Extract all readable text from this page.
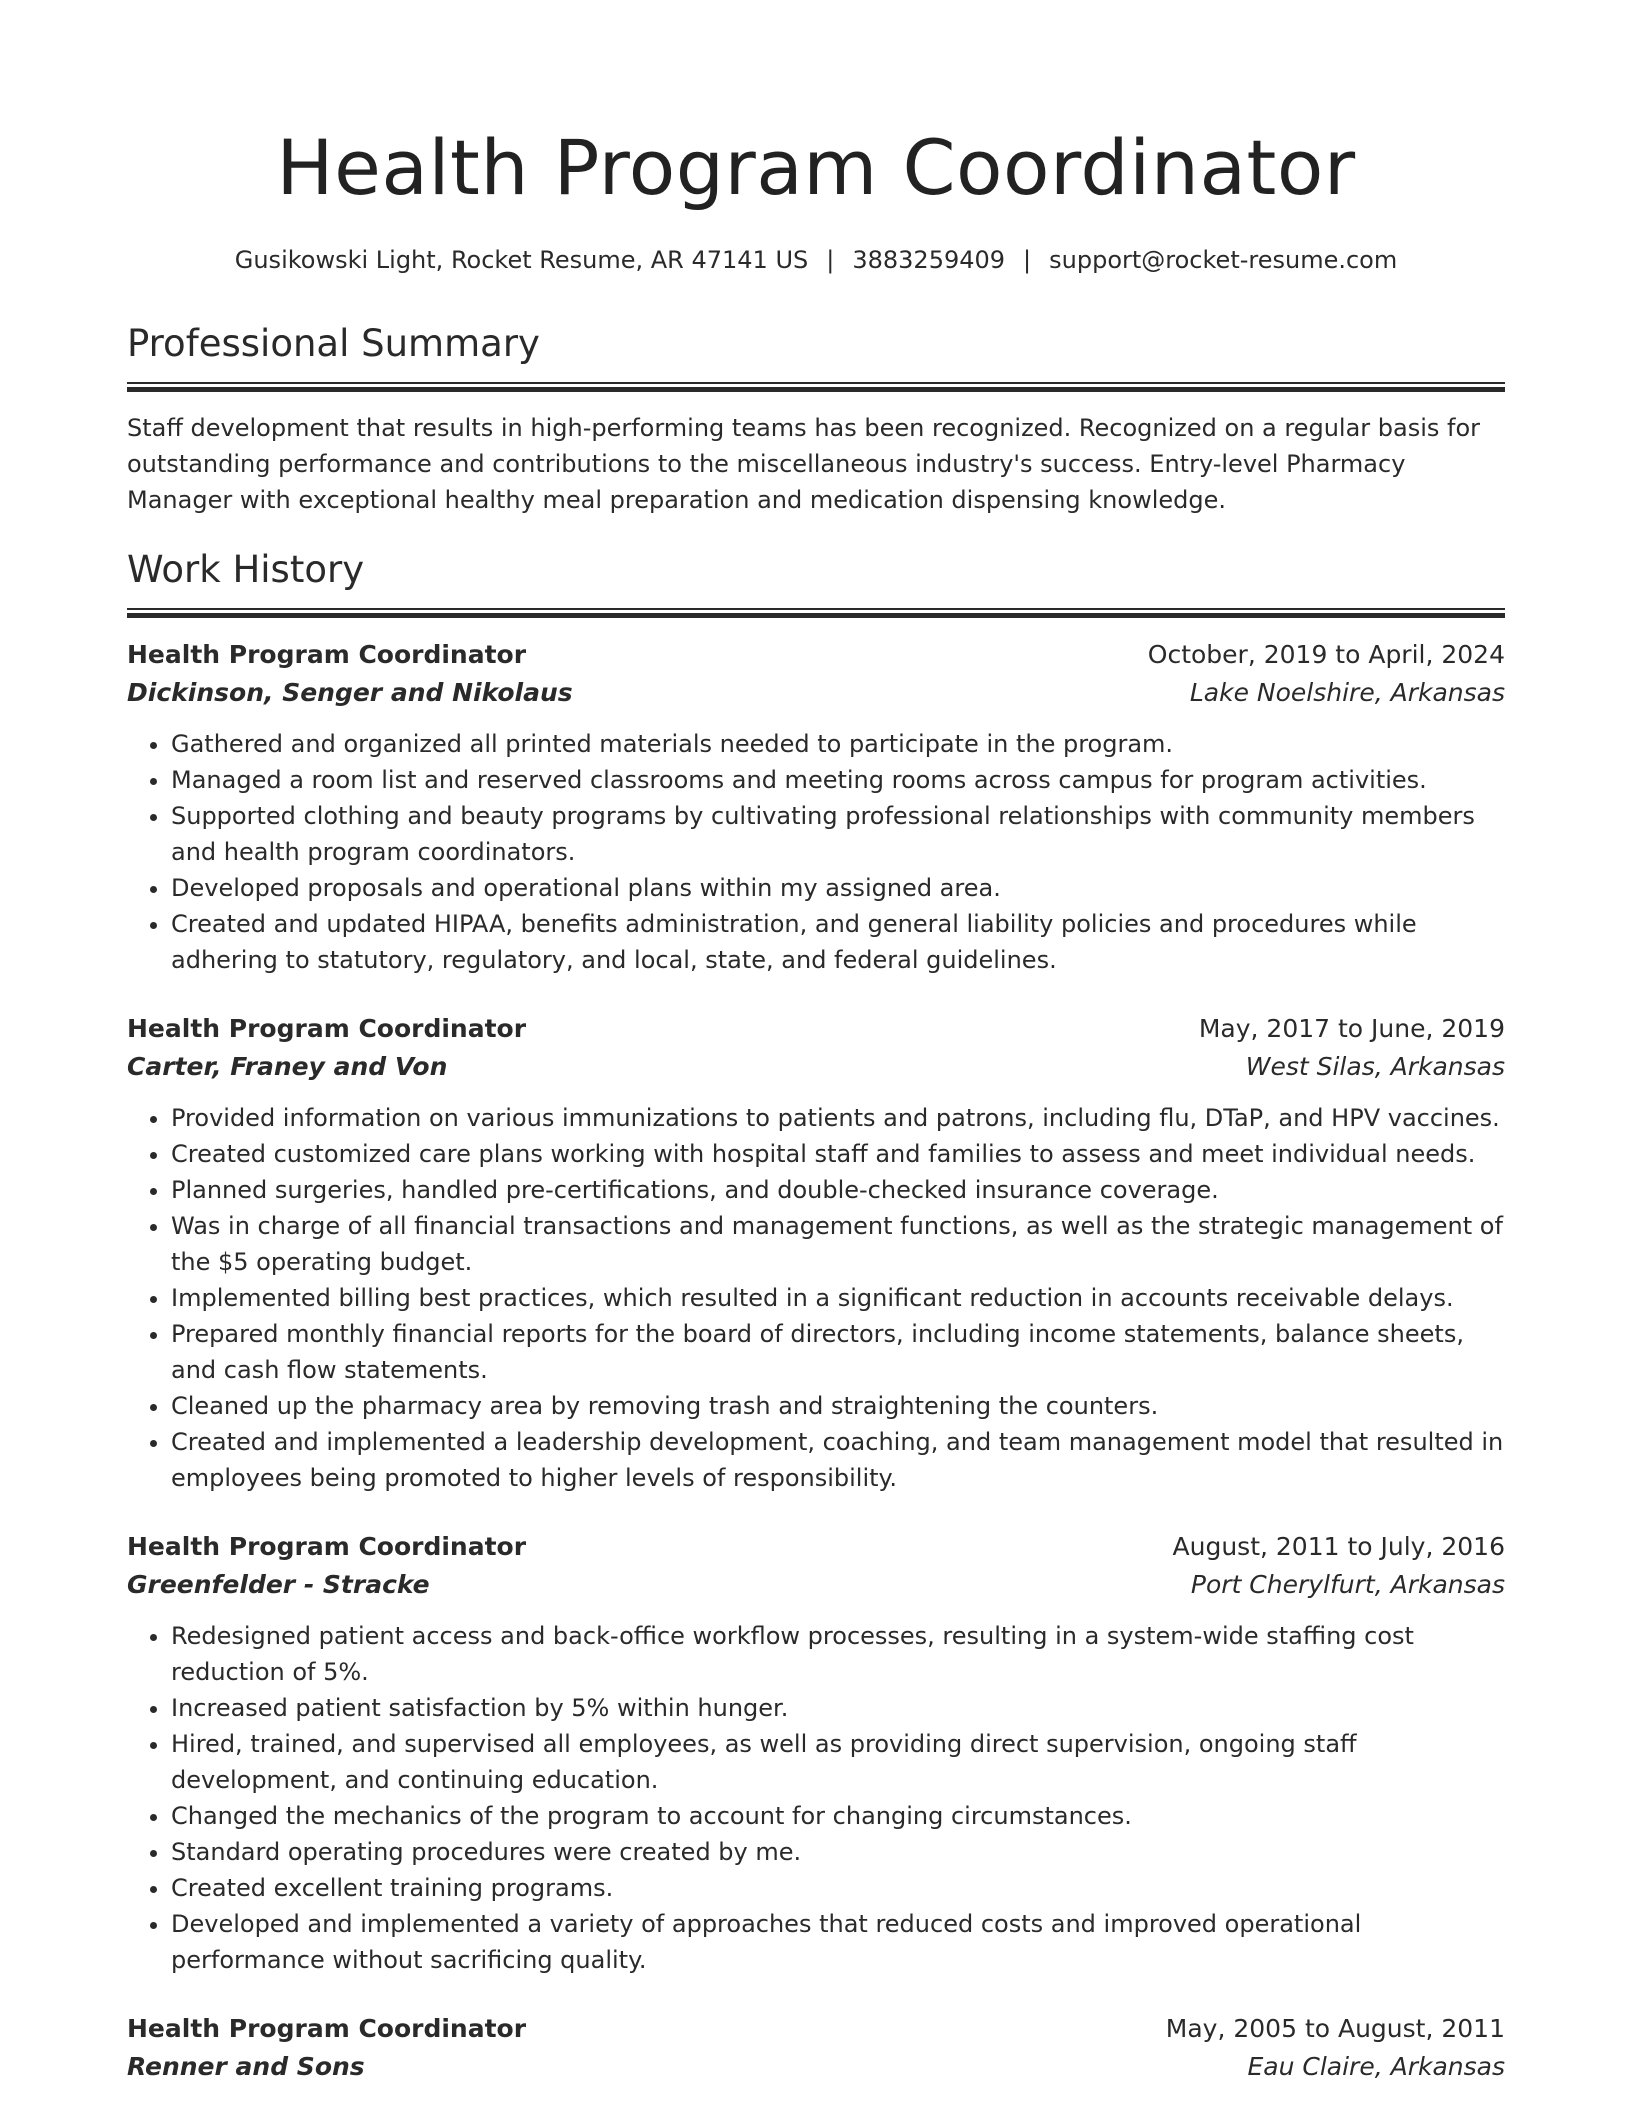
Health Program Coordinator
Gusikowski Light, Rocket Resume, AR 47141 US | 3883259409 | support@rocket-resume.com
Professional Summary

Staff development that results in high-performing teams has been recognized. Recognized on a regular basis for outstanding performance and contributions to the miscellaneous industry's success. Entry-level Pharmacy Manager with exceptional healthy meal preparation and medication dispensing knowledge.

Work History
Health Program Coordinator	October, 2019 to April, 2024
Dickinson, Senger and Nikolaus	Lake Noelshire, Arkansas
• Gathered and organized all printed materials needed to participate in the program.
• Managed a room list and reserved classrooms and meeting rooms across campus for program activities.
• Supported clothing and beauty programs by cultivating professional relationships with community members and health program coordinators.
• Developed proposals and operational plans within my assigned area.
• Created and updated HIPAA, benefits administration, and general liability policies and procedures while adhering to statutory, regulatory, and local, state, and federal guidelines.
Health Program Coordinator	May, 2017 to June, 2019
Carter, Franey and Von	West Silas, Arkansas
• Provided information on various immunizations to patients and patrons, including flu, DTaP, and HPV vaccines.
• Created customized care plans working with hospital staff and families to assess and meet individual needs.
• Planned surgeries, handled pre-certifications, and double-checked insurance coverage.
• Was in charge of all financial transactions and management functions, as well as the strategic management of the $5 operating budget.
• Implemented billing best practices, which resulted in a significant reduction in accounts receivable delays.
• Prepared monthly financial reports for the board of directors, including income statements, balance sheets, and cash flow statements.
• Cleaned up the pharmacy area by removing trash and straightening the counters.
• Created and implemented a leadership development, coaching, and team management model that resulted in employees being promoted to higher levels of responsibility.
Health Program Coordinator	August, 2011 to July, 2016
Greenfelder - Stracke	Port Cherylfurt, Arkansas
• Redesigned patient access and back-office workflow processes, resulting in a system-wide staffing cost reduction of 5%.
• Increased patient satisfaction by 5% within hunger.
• Hired, trained, and supervised all employees, as well as providing direct supervision, ongoing staff development, and continuing education.
• Changed the mechanics of the program to account for changing circumstances.
• Standard operating procedures were created by me.
• Created excellent training programs.
• Developed and implemented a variety of approaches that reduced costs and improved operational performance without sacrificing quality.
Health Program Coordinator	May, 2005 to August, 2011
Renner and Sons	Eau Claire, Arkansas
